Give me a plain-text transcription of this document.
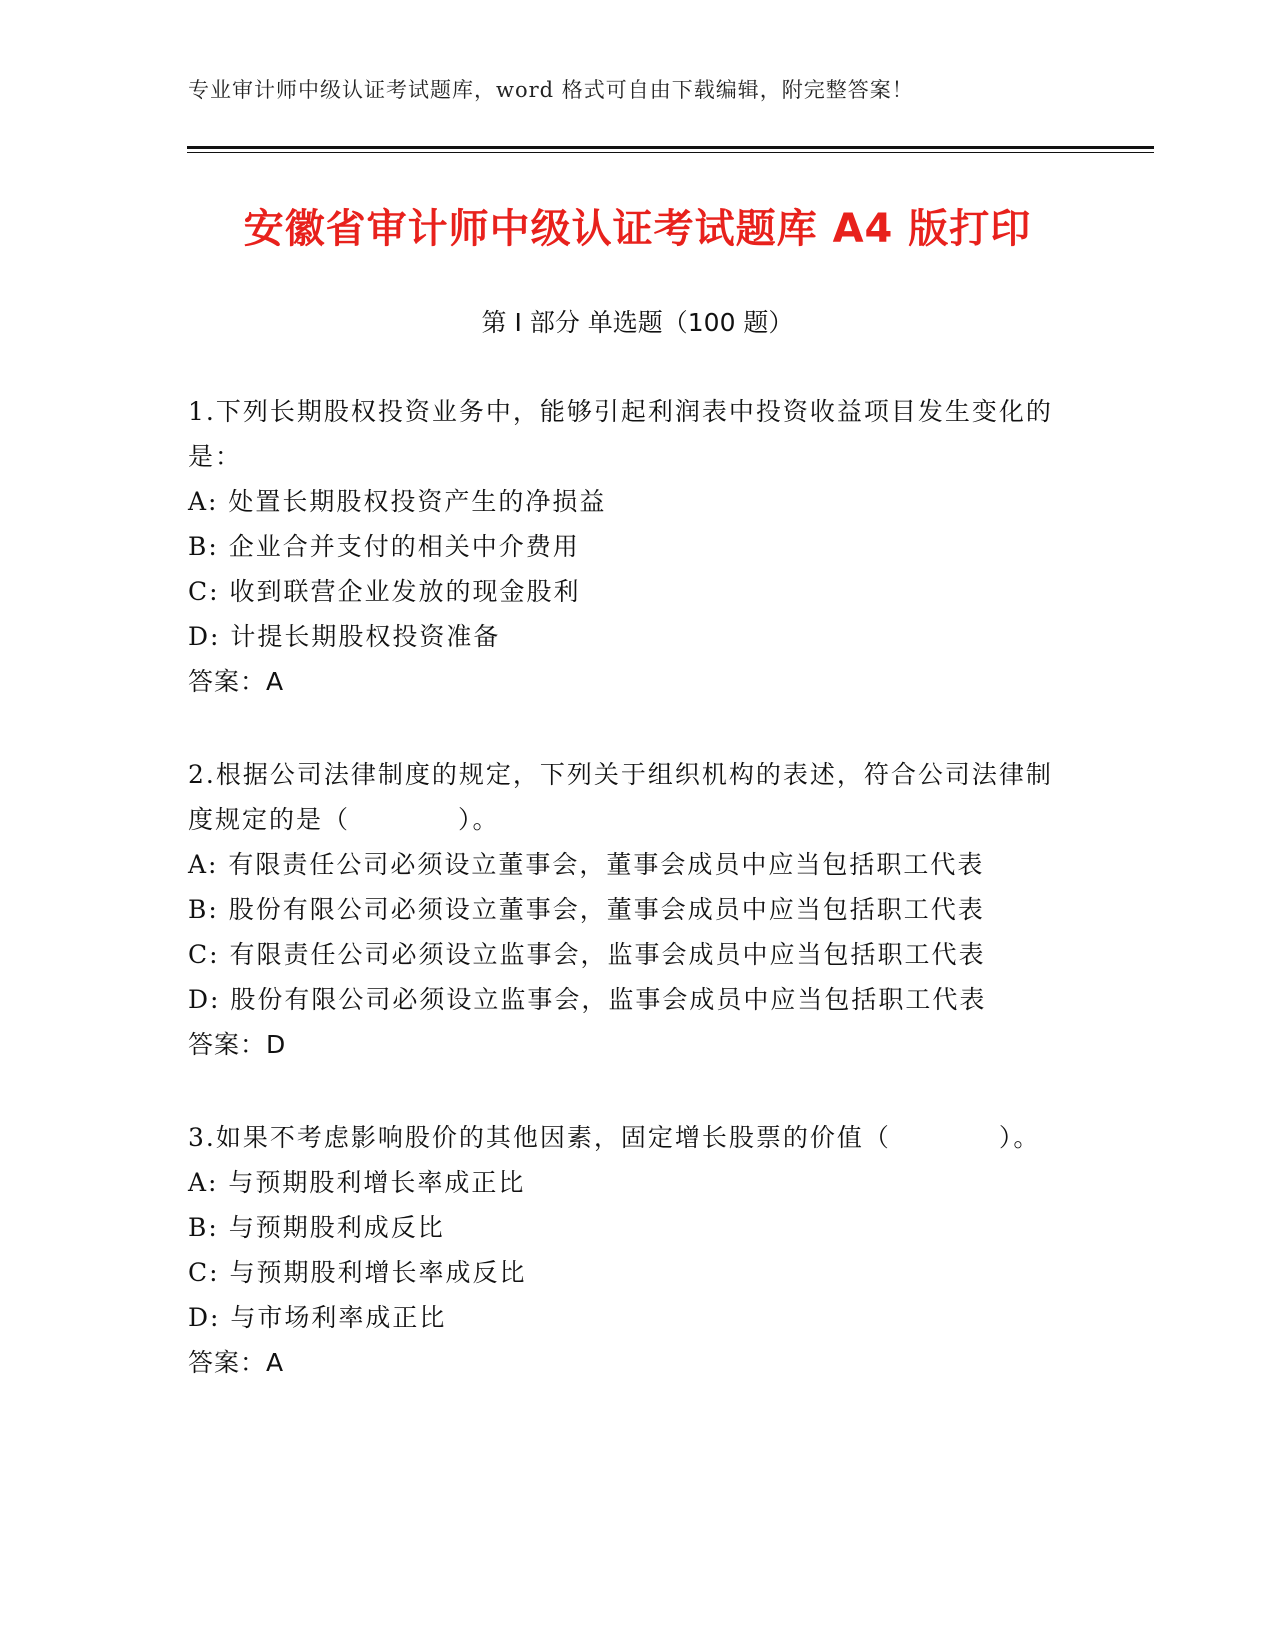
专业审计师中级认证考试题库，word 格式可自由下载编辑，附完整答案！
安徽省审计师中级认证考试题库 A4 版打印
第 I 部分 单选题（100 题）

1.下列长期股权投资业务中，能够引起利润表中投资收益项目发生变化的是：

A: 处置长期股权投资产生的净损益

B: 企业合并支付的相关中介费用

C: 收到联营企业发放的现金股利

D: 计提长期股权投资准备

答案：A

2.根据公司法律制度的规定，下列关于组织机构的表述，符合公司法律制度规定的是（　　　　）。

A: 有限责任公司必须设立董事会，董事会成员中应当包括职工代表

B: 股份有限公司必须设立董事会，董事会成员中应当包括职工代表

C: 有限责任公司必须设立监事会，监事会成员中应当包括职工代表

D: 股份有限公司必须设立监事会，监事会成员中应当包括职工代表

答案：D

3.如果不考虑影响股价的其他因素，固定增长股票的价值（　　　　）。

A: 与预期股利增长率成正比

B: 与预期股利成反比

C: 与预期股利增长率成反比

D: 与市场利率成正比

答案：A
